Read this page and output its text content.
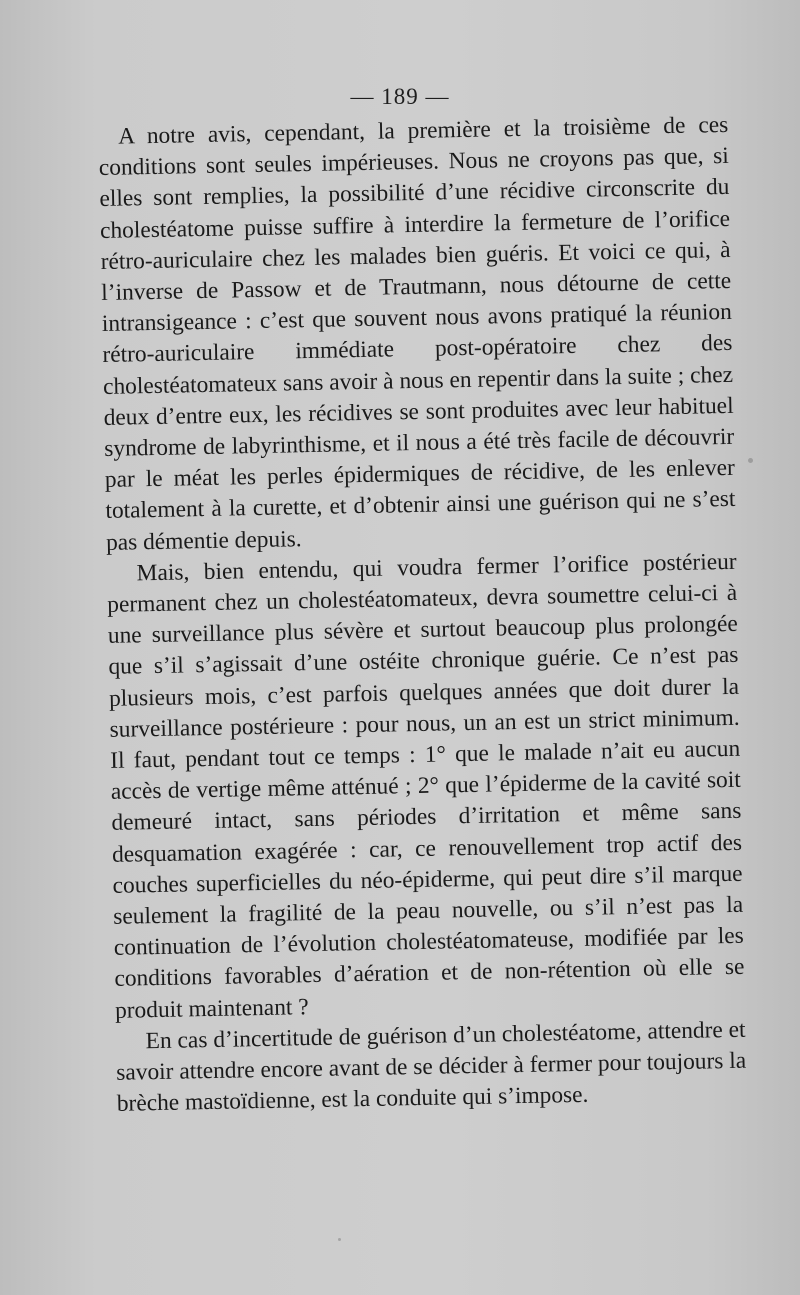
— 189 —

A notre avis, cependant, la première et la troisième de ces conditions sont seules impérieuses. Nous ne croyons pas que, si elles sont remplies, la possibilité d’une récidive circonscrite du cholestéatome puisse suffire à interdire la fermeture de l’orifice rétro-auriculaire chez les malades bien guéris. Et voici ce qui, à l’inverse de Passow et de Trautmann, nous détourne de cette intransigeance : c’est que souvent nous avons pratiqué la réunion rétro-auriculaire immédiate post-opératoire chez des cholestéatomateux sans avoir à nous en repentir dans la suite ; chez deux d’entre eux, les récidives se sont produites avec leur habituel syndrome de labyrinthisme, et il nous a été très facile de découvrir par le méat les perles épidermiques de récidive, de les enlever totalement à la curette, et d’obtenir ainsi une guérison qui ne s’est pas démentie depuis.

Mais, bien entendu, qui voudra fermer l’orifice postérieur permanent chez un cholestéatomateux, devra soumettre celui-ci à une surveillance plus sévère et surtout beaucoup plus prolongée que s’il s’agissait d’une ostéite chronique guérie. Ce n’est pas plusieurs mois, c’est parfois quelques années que doit durer la surveillance postérieure : pour nous, un an est un strict minimum. Il faut, pendant tout ce temps : 1° que le malade n’ait eu aucun accès de vertige même atténué ; 2° que l’épiderme de la cavité soit demeuré intact, sans périodes d’irritation et même sans desquamation exagérée : car, ce renouvellement trop actif des couches superficielles du néo-épiderme, qui peut dire s’il marque seulement la fragilité de la peau nouvelle, ou s’il n’est pas la continuation de l’évolution cholestéatomateuse, modifiée par les conditions favorables d’aération et de non-rétention où elle se produit maintenant ?

En cas d’incertitude de guérison d’un cholestéatome, attendre et savoir attendre encore avant de se décider à fermer pour toujours la brèche mastoïdienne, est la conduite qui s’impose.
